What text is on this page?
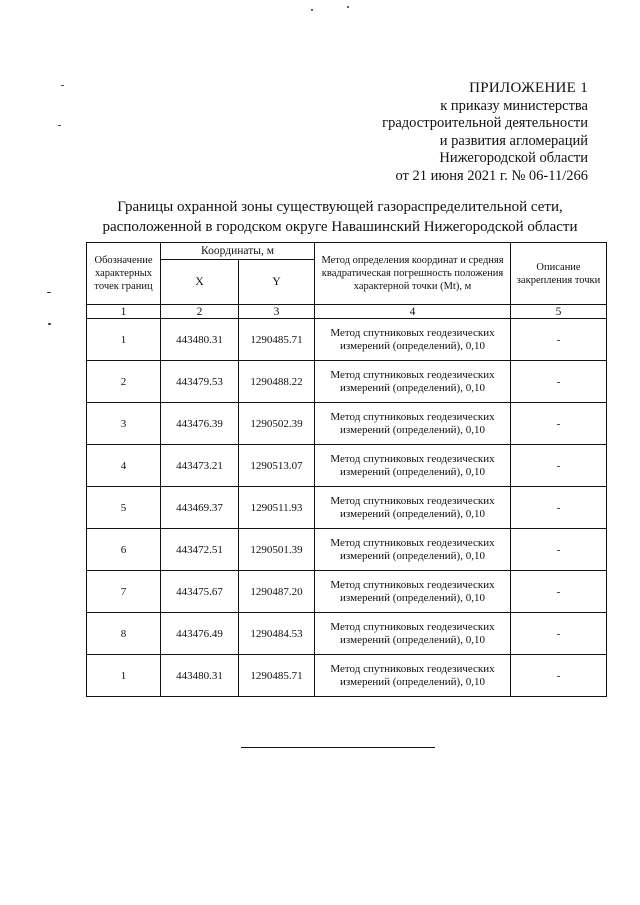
ПРИЛОЖЕНИЕ 1
к приказу министерства
градостроительной деятельности
и развития агломераций
Нижегородской области
от 21 июня 2021 г. № 06-11/266
Границы охранной зоны существующей газораспределительной сети,
расположенной в городском округе Навашинский Нижегородской области
Обозначение характерных точек границ	Координаты, м		Метод определения координат и средняя квадратическая погрешность положения характерной точки (Mt), м	Описание закрепления точки
	X	Y		
1	2	3	4	5
1	443480.31	1290485.71	Метод спутниковых геодезических измерений (определений), 0,10	-
2	443479.53	1290488.22	Метод спутниковых геодезических измерений (определений), 0,10	-
3	443476.39	1290502.39	Метод спутниковых геодезических измерений (определений), 0,10	-
4	443473.21	1290513.07	Метод спутниковых геодезических измерений (определений), 0,10	-
5	443469.37	1290511.93	Метод спутниковых геодезических измерений (определений), 0,10	-
6	443472.51	1290501.39	Метод спутниковых геодезических измерений (определений), 0,10	-
7	443475.67	1290487.20	Метод спутниковых геодезических измерений (определений), 0,10	-
8	443476.49	1290484.53	Метод спутниковых геодезических измерений (определений), 0,10	-
1	443480.31	1290485.71	Метод спутниковых геодезических измерений (определений), 0,10	-
